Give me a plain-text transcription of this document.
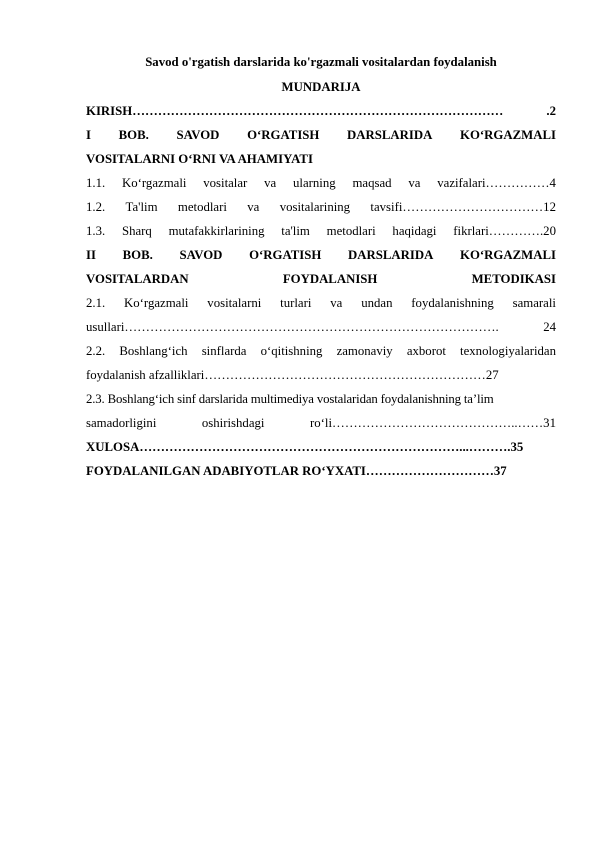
Savod o'rgatish darslarida ko'rgazmali vositalardan foydalanish
MUNDARIJA
KIRISH ……………………………………………………………………………	.2
I BOB. SAVOD O‘RGATISH DARSLARIDA KO‘RGAZMALI
VOSITALARNI O‘RNI VA AHAMIYATI
1.1. Ko‘rgazmali vositalar va ularning maqsad va vazifalari……………4
1.2. Ta'lim metodlari va vositalarining tavsifi……………………………12
1.3. Sharq mutafakkirlarining ta'lim metodlari haqidagi fikrlari………….20
II BOB. SAVOD O‘RGATISH DARSLARIDA KO‘RGAZMALI
VOSITALARDAN	FOYDALANISH	METODIKASI
2.1. Ko‘rgazmali vositalarni turlari va undan foydalanishning samarali
usullari…………………………………………………………………………….	24
2.2. Boshlang‘ich sinflarda o‘qitishning zamonaviy axborot texnologiyalaridan
foydalanish afzalliklari…………………………………………………………27
2.3. Boshlang‘ich sinf darslarida multimediya vostalaridan foydalanishning ta’lim
samadorligini	oshirishdagi	ro‘li……………………………………..……31
XULOSA…………………………………………………………………...……….35
FOYDALANILGAN ADABIYOTLAR RO‘YXATI…………………………37
